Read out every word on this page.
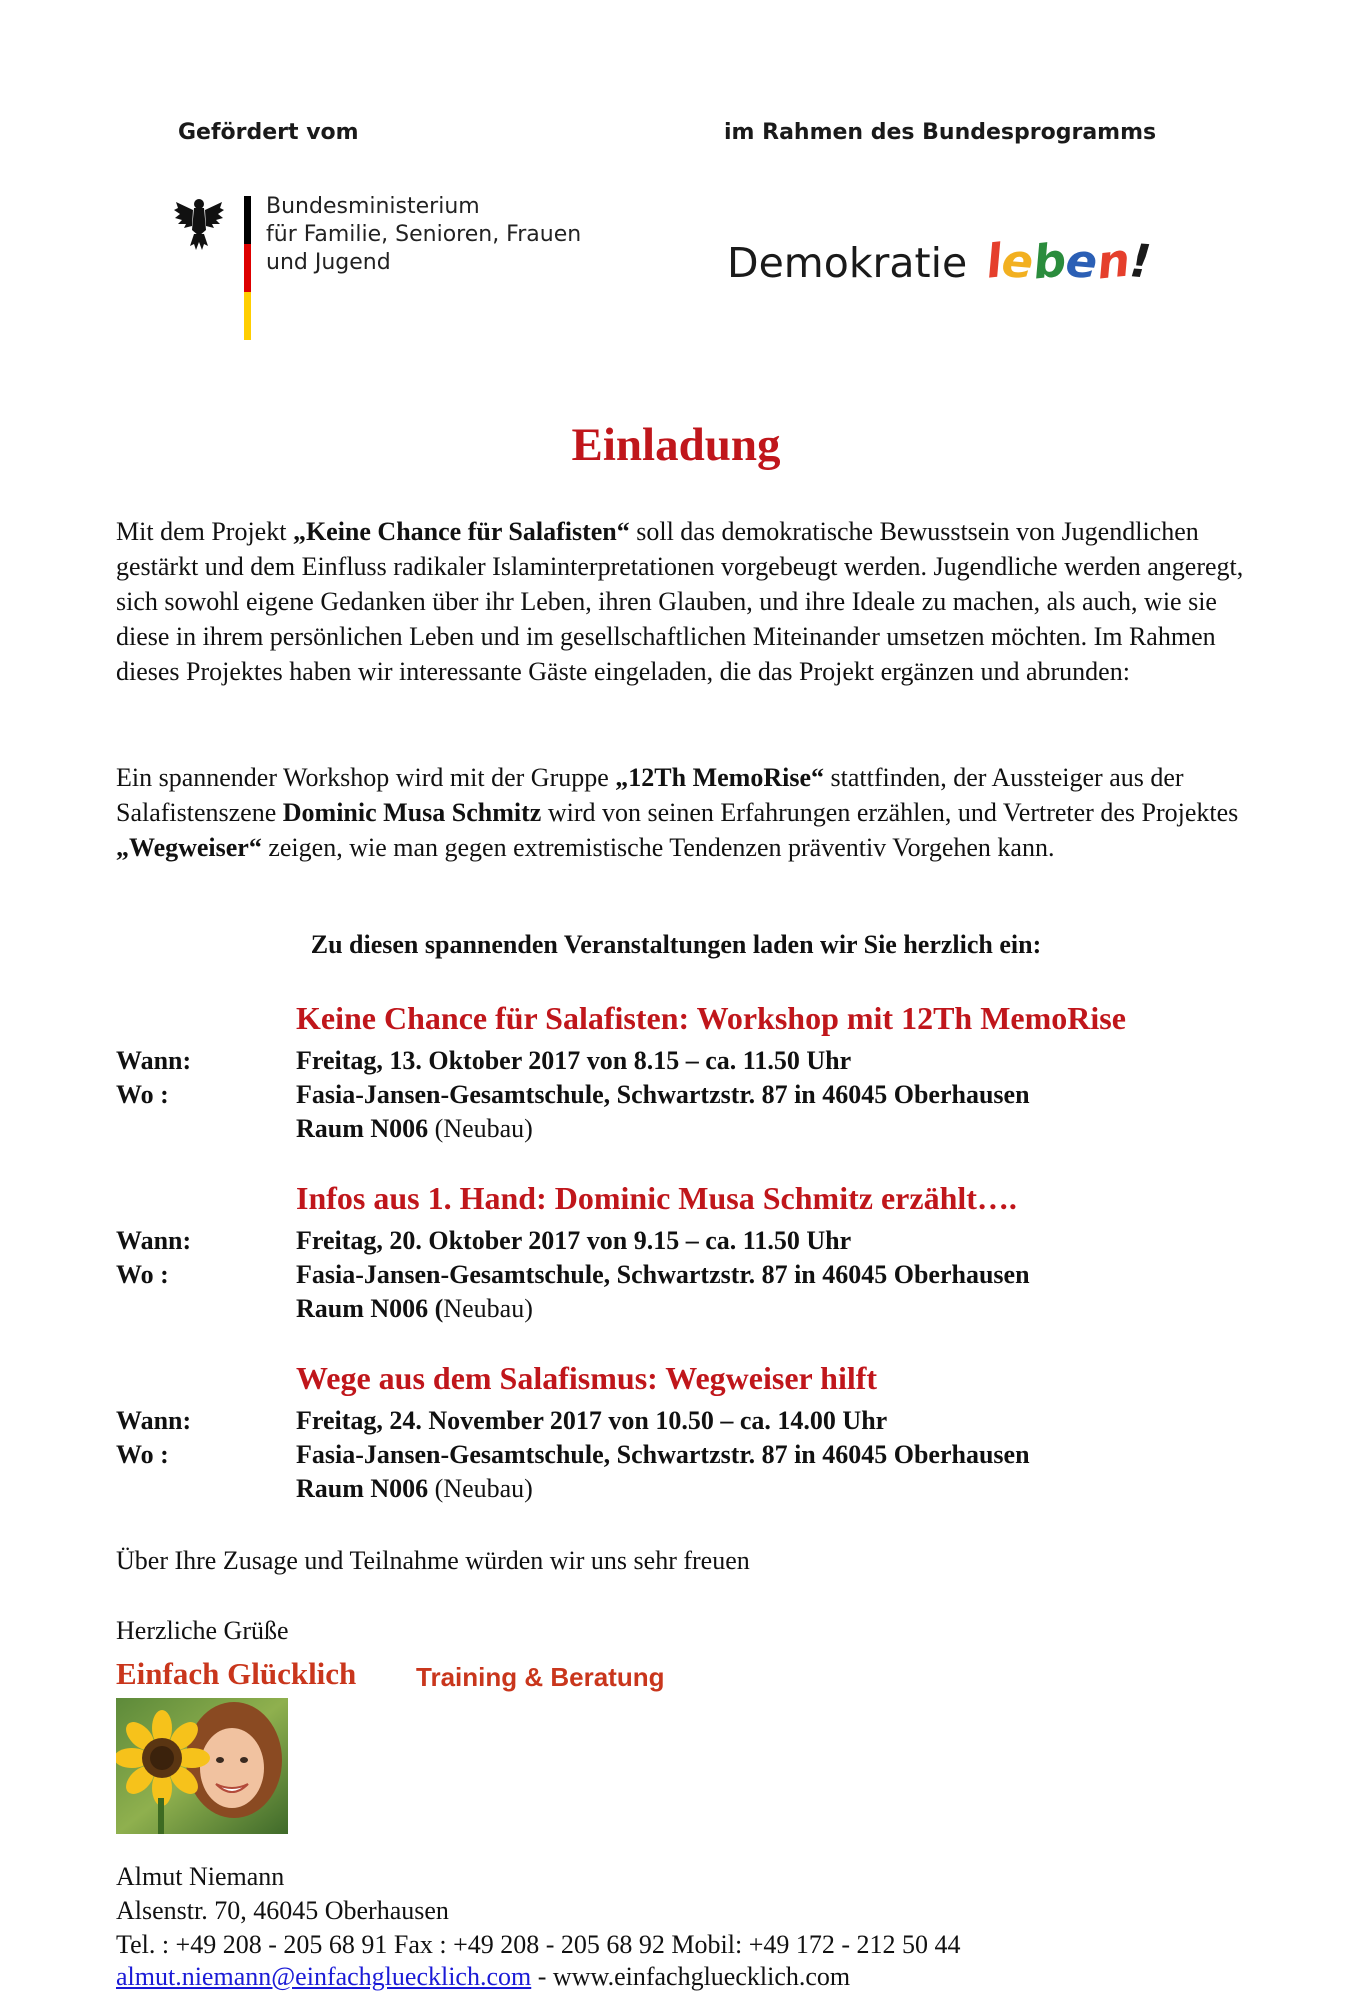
Gefördert vom	im Rahmen des Bundesprogramms
Bundesministerium
für Familie, Senioren, Frauen
und Jugend	Demokratie leben!
Einladung
Mit dem Projekt „Keine Chance für Salafisten“ soll das demokratische Bewusstsein von Jugendlichen gestärkt und dem Einfluss radikaler Islaminterpretationen vorgebeugt werden. Jugendliche werden angeregt, sich sowohl eigene Gedanken über ihr Leben, ihren Glauben, und ihre Ideale zu machen, als auch, wie sie diese in ihrem persönlichen Leben und im gesellschaftlichen Miteinander umsetzen möchten. Im Rahmen dieses Projektes haben wir interessante Gäste eingeladen, die das Projekt ergänzen und abrunden:
Ein spannender Workshop wird mit der Gruppe „12Th MemoRise“ stattfinden, der Aussteiger aus der Salafistenszene Dominic Musa Schmitz wird von seinen Erfahrungen erzählen, und Vertreter des Projektes „Wegweiser“ zeigen, wie man gegen extremistische Tendenzen präventiv Vorgehen kann.
Zu diesen spannenden Veranstaltungen laden wir Sie herzlich ein:
Keine Chance für Salafisten: Workshop mit 12Th MemoRise
Wann:	Freitag, 13. Oktober 2017 von 8.15 – ca. 11.50 Uhr
Wo :	Fasia-Jansen-Gesamtschule, Schwartzstr. 87 in 46045 Oberhausen
Raum N006 (Neubau)
Infos aus 1. Hand: Dominic Musa Schmitz erzählt….
Wann:	Freitag, 20. Oktober 2017 von 9.15 – ca. 11.50 Uhr
Wo :	Fasia-Jansen-Gesamtschule, Schwartzstr. 87 in 46045 Oberhausen
Raum N006 (Neubau)
Wege aus dem Salafismus: Wegweiser hilft
Wann:	Freitag, 24. November 2017 von 10.50 – ca. 14.00 Uhr
Wo :	Fasia-Jansen-Gesamtschule, Schwartzstr. 87 in 46045 Oberhausen
Raum N006 (Neubau)
Über Ihre Zusage und Teilnahme würden wir uns sehr freuen
Herzliche Grüße
Einfach Glücklich Training & Beratung
Almut Niemann
Alsenstr. 70, 46045 Oberhausen
Tel. : +49 208 - 205 68 91 Fax : +49 208 - 205 68 92 Mobil: +49 172 - 212 50 44
almut.niemann@einfachgluecklich.com - www.einfachgluecklich.com
